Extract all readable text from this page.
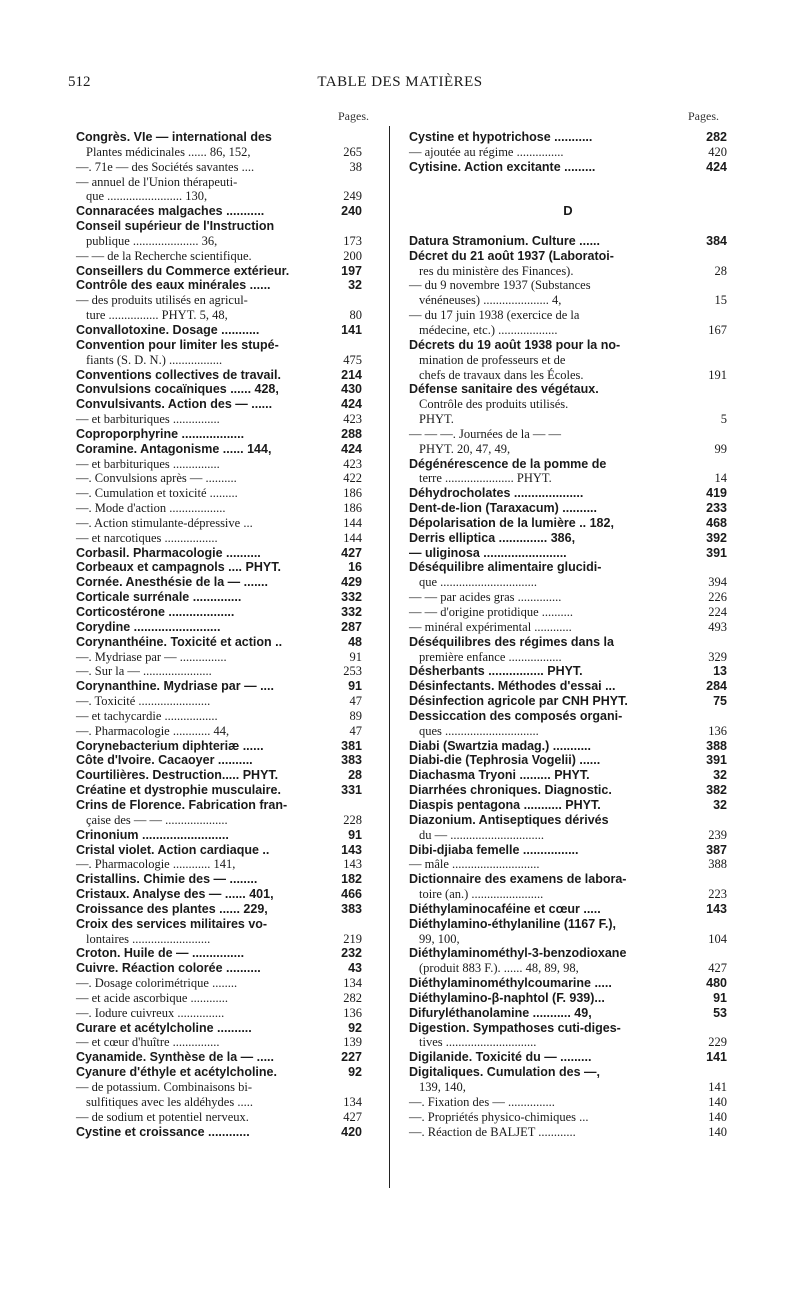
512	TABLE DES MATIÈRES
Pages.	Pages.
Congrès. VIe — international des
Plantes médicinales ...... 86, 152,	265
—. 71e — des Sociétés savantes ....	38
— annuel de l'Union thérapeuti-
que ........................ 130,	249
Connaracées malgaches ...........	240
Conseil supérieur de l'Instruction
publique ..................... 36,	173
— — de la Recherche scientifique.	200
Conseillers du Commerce extérieur.	197
Contrôle des eaux minérales ......	32
— des produits utilisés en agricul-
ture ................ PHYT. 5, 48,	80
Convallotoxine. Dosage ...........	141
Convention pour limiter les stupé-
fiants (S. D. N.) .................	475
Conventions collectives de travail.	214
Convulsions cocaïniques ...... 428,	430
Convulsivants. Action des — ......	424
— et barbituriques ...............	423
Coproporphyrine ..................	288
Coramine. Antagonisme ...... 144,	424
— et barbituriques ...............	423
—. Convulsions après — ..........	422
—. Cumulation et toxicité .........	186
—. Mode d'action ..................	186
—. Action stimulante-dépressive ...	144
— et narcotiques .................	144
Corbasil. Pharmacologie ..........	427
Corbeaux et campagnols .... PHYT.	16
Cornée. Anesthésie de la — .......	429
Corticale surrénale ..............	332
Corticostérone ...................	332
Corydine .........................	287
Corynanthéine. Toxicité et action ..	48
—. Mydriase par — ...............	91
—. Sur la — ......................	253
Corynanthine. Mydriase par — ....	91
—. Toxicité .......................	47
— et tachycardie .................	89
—. Pharmacologie ............ 44,	47
Corynebacterium diphteriæ ......	381
Côte d'Ivoire. Cacaoyer ..........	383
Courtilières. Destruction..... PHYT.	28
Créatine et dystrophie musculaire.	331
Crins de Florence. Fabrication fran-
çaise des — — ....................	228
Crinonium .........................	91
Cristal violet. Action cardiaque ..	143
—. Pharmacologie ............ 141,	143
Cristallins. Chimie des — ........	182
Cristaux. Analyse des — ...... 401,	466
Croissance des plantes ...... 229,	383
Croix des services militaires vo-
lontaires .........................	219
Croton. Huile de — ...............	232
Cuivre. Réaction colorée ..........	43
—. Dosage colorimétrique ........	134
— et acide ascorbique ............	282
—. Iodure cuivreux ...............	136
Curare et acétylcholine ..........	92
— et cœur d'huître ...............	139
Cyanamide. Synthèse de la — .....	227
Cyanure d'éthyle et acétylcholine.	92
— de potassium. Combinaisons bi-
sulfitiques avec les aldéhydes .....	134
— de sodium et potentiel nerveux.	427
Cystine et croissance ............	420
Cystine et hypotrichose ...........	282
— ajoutée au régime ...............	420
Cytisine. Action excitante .........	424
D
Datura Stramonium. Culture ......	384
Décret du 21 août 1937 (Laboratoi-
res du ministère des Finances).	28
— du 9 novembre 1937 (Substances
vénéneuses) ..................... 4,	15
— du 17 juin 1938 (exercice de la
médecine, etc.) ...................	167
Décrets du 19 août 1938 pour la no-
mination de professeurs et de
chefs de travaux dans les Écoles.	191
Défense sanitaire des végétaux.
Contrôle des produits utilisés.
PHYT.	5
— — —. Journées de la — —
PHYT. 20, 47, 49,	99
Dégénérescence de la pomme de
terre ...................... PHYT.	14
Déhydrocholates ....................	419
Dent-de-lion (Taraxacum) ..........	233
Dépolarisation de la lumière .. 182,	468
Derris elliptica .............. 386,	392
— uliginosa ........................	391
Déséquilibre alimentaire glucidi-
que ...............................	394
— — par acides gras ..............	226
— — d'origine protidique ..........	224
— minéral expérimental ............	493
Déséquilibres des régimes dans la
première enfance .................	329
Désherbants ................ PHYT.	13
Désinfectants. Méthodes d'essai ...	284
Désinfection agricole par CNH PHYT.	75
Dessiccation des composés organi-
ques ..............................	136
Diabi (Swartzia madag.) ...........	388
Diabi-die (Tephrosia Vogelii) ......	391
Diachasma Tryoni ......... PHYT.	32
Diarrhées chroniques. Diagnostic.	382
Diaspis pentagona ........... PHYT.	32
Diazonium. Antiseptiques dérivés
du — ..............................	239
Dibi-djiaba femelle ................	387
— mâle ............................	388
Dictionnaire des examens de labora-
toire (an.) .......................	223
Diéthylaminocaféine et cœur .....	143
Diéthylamino-éthylaniline (1167 F.),
99, 100,	104
Diéthylaminométhyl-3-benzodioxane
(produit 883 F.). ...... 48, 89, 98,	427
Diéthylaminométhylcoumarine .....	480
Diéthylamino-β-naphtol (F. 939)...	91
Difuryléthanolamine ........... 49,	53
Digestion. Sympathoses cuti-diges-
tives .............................	229
Digilanide. Toxicité du — .........	141
Digitaliques. Cumulation des —,
139, 140,	141
—. Fixation des — ...............	140
—. Propriétés physico-chimiques ...	140
—. Réaction de BALJET ............	140
